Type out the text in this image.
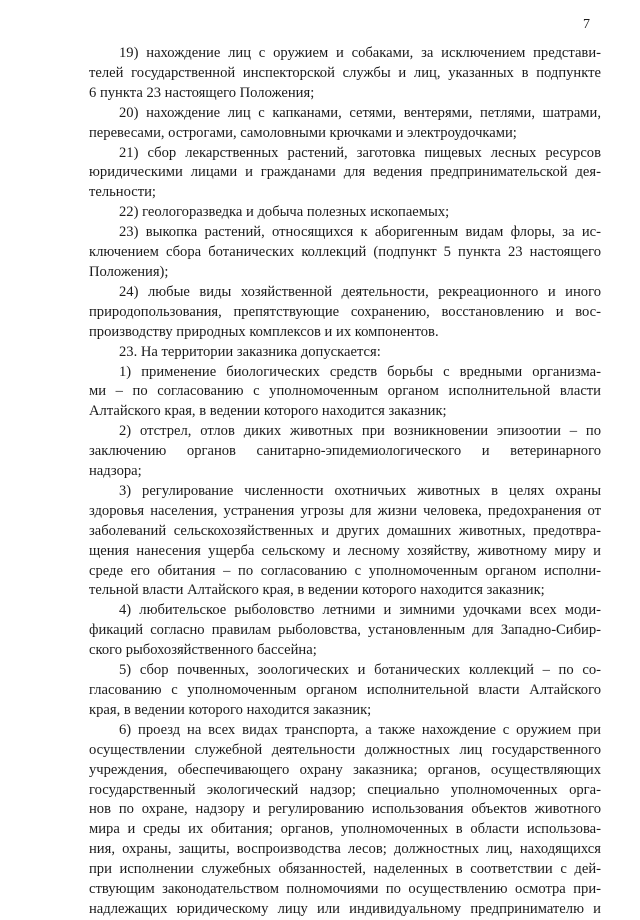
7
19) нахождение лиц с оружием и собаками, за исключением представи-
телей государственной инспекторской службы и лиц, указанных в подпункте
6 пункта 23 настоящего Положения;
20) нахождение лиц с капканами, сетями, вентерями, петлями, шатрами,
перевесами, острогами, самоловными крючками и электроудочками;
21) сбор лекарственных растений, заготовка пищевых лесных ресурсов
юридическими лицами и гражданами для ведения предпринимательской дея-
тельности;
22) геологоразведка и добыча полезных ископаемых;
23) выкопка растений, относящихся к аборигенным видам флоры, за ис-
ключением сбора ботанических коллекций (подпункт 5 пункта 23 настоящего
Положения);
24) любые виды хозяйственной деятельности, рекреационного и иного
природопользования, препятствующие сохранению, восстановлению и вос-
производству природных комплексов и их компонентов.
23. На территории заказника допускается:
1) применение биологических средств борьбы с вредными организма-
ми – по согласованию с уполномоченным органом исполнительной власти
Алтайского края, в ведении которого находится заказник;
2) отстрел, отлов диких животных при возникновении эпизоотии – по
заключению органов санитарно-эпидемиологического и ветеринарного
надзора;
3) регулирование численности охотничьих животных в целях охраны
здоровья населения, устранения угрозы для жизни человека, предохранения от
заболеваний сельскохозяйственных и других домашних животных, предотвра-
щения нанесения ущерба сельскому и лесному хозяйству, животному миру и
среде его обитания – по согласованию с уполномоченным органом исполни-
тельной власти Алтайского края, в ведении которого находится заказник;
4) любительское рыболовство летними и зимними удочками всех моди-
фикаций согласно правилам рыболовства, установленным для Западно-Сибир-
ского рыбохозяйственного бассейна;
5) сбор почвенных, зоологических и ботанических коллекций – по со-
гласованию с уполномоченным органом исполнительной власти Алтайского
края, в ведении которого находится заказник;
6) проезд на всех видах транспорта, а также нахождение с оружием при
осуществлении служебной деятельности должностных лиц государственного
учреждения, обеспечивающего охрану заказника; органов, осуществляющих
государственный экологический надзор; специально уполномоченных орга-
нов по охране, надзору и регулированию использования объектов животного
мира и среды их обитания; органов, уполномоченных в области использова-
ния, охраны, защиты, воспроизводства лесов; должностных лиц, находящихся
при исполнении служебных обязанностей, наделенных в соответствии с дей-
ствующим законодательством полномочиями по осуществлению осмотра при-
надлежащих юридическому лицу или индивидуальному предпринимателю и
